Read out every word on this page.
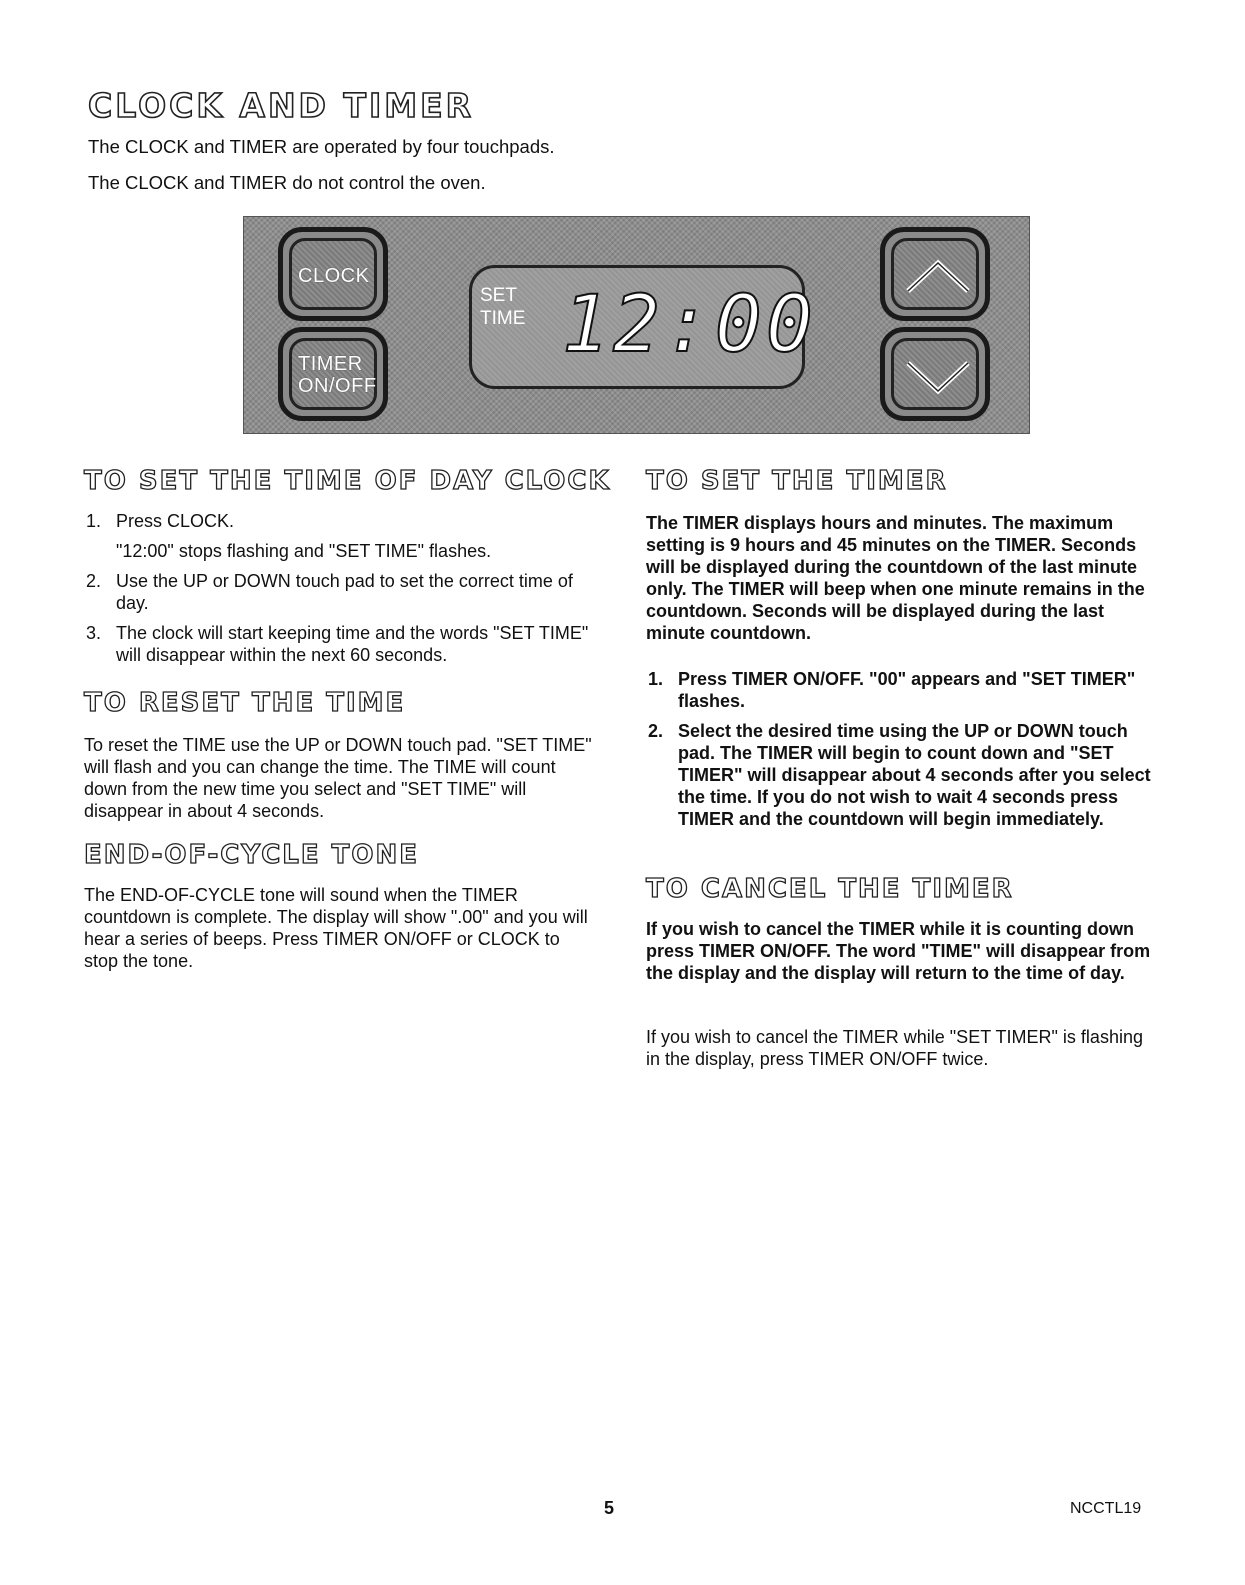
CLOCK AND TIMER

The CLOCK and TIMER are operated by four touchpads.

The CLOCK and TIMER do not control the oven.

CLOCK
TIMER
ON/OFF
SET
TIME 12:00
TO SET THE TIME OF DAY CLOCK
1. Press CLOCK.
"12:00" stops flashing and "SET TIME" flashes.
2. Use the UP or DOWN touch pad to set the correct time of day.
3. The clock will start keeping time and the words "SET TIME" will disappear within the next 60 seconds.
TO RESET THE TIME

To reset the TIME use the UP or DOWN touch pad. "SET TIME" will flash and you can change the time. The TIME will count down from the new time you select and "SET TIME" will disappear in about 4 seconds.

END-OF-CYCLE TONE

The END-OF-CYCLE tone will sound when the TIMER countdown is complete. The display will show ".00" and you will hear a series of beeps. Press TIMER ON/OFF or CLOCK to stop the tone.

TO SET THE TIMER

The TIMER displays hours and minutes. The maximum setting is 9 hours and 45 minutes on the TIMER. Seconds will be displayed during the countdown of the last minute only. The TIMER will beep when one minute remains in the countdown. Seconds will be displayed during the last minute countdown.

1. Press TIMER ON/OFF. "00" appears and "SET TIMER" flashes.
2. Select the desired time using the UP or DOWN touch pad. The TIMER will begin to count down and "SET TIMER" will disappear about 4 seconds after you select the time. If you do not wish to wait 4 seconds press TIMER and the countdown will begin immediately.
TO CANCEL THE TIMER

If you wish to cancel the TIMER while it is counting down press TIMER ON/OFF. The word "TIME" will disappear from the display and the display will return to the time of day.

If you wish to cancel the TIMER while "SET TIMER" is flashing in the display, press TIMER ON/OFF twice.

5	NCCTL19
